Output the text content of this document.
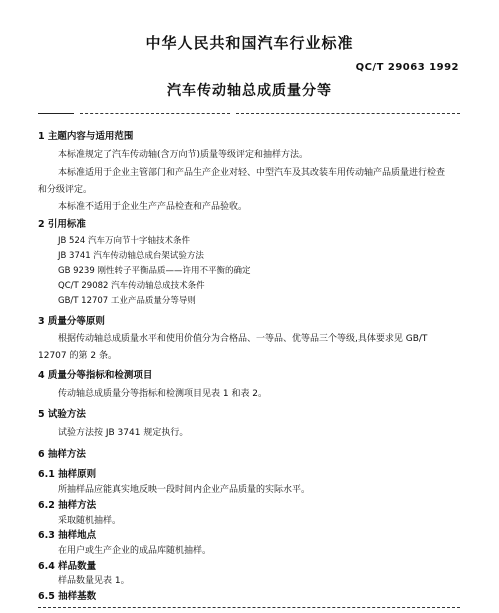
中华人民共和国汽车行业标准
QC/T 29063 1992
汽车传动轴总成质量分等
1 主题内容与适用范围
本标准规定了汽车传动轴(含万向节)质量等级评定和抽样方法。
本标准适用于企业主管部门和产品生产企业对轻、中型汽车及其改装车用传动轴产品质量进行检查
和分级评定。
本标准不适用于企业生产产品检查和产品验收。
2 引用标准
JB 524 汽车万向节十字轴技术条件
JB 3741 汽车传动轴总成台架试验方法
GB 9239 刚性转子平衡品质——许用不平衡的确定
QC/T 29082 汽车传动轴总成技术条件
GB/T 12707 工业产品质量分等导则
3 质量分等原则
根据传动轴总成质量水平和使用价值分为合格品、一等品、优等品三个等级,具体要求见 GB/T
12707 的第 2 条。
4 质量分等指标和检测项目
传动轴总成质量分等指标和检测项目见表 1 和表 2。
5 试验方法
试验方法按 JB 3741 规定执行。
6 抽样方法
6.1 抽样原则
所抽样品应能真实地反映一段时间内企业产品质量的实际水平。
6.2 抽样方法
采取随机抽样。
6.3 抽样地点
在用户或生产企业的成品库随机抽样。
6.4 样品数量
样品数量见表 1。
6.5 抽样基数
